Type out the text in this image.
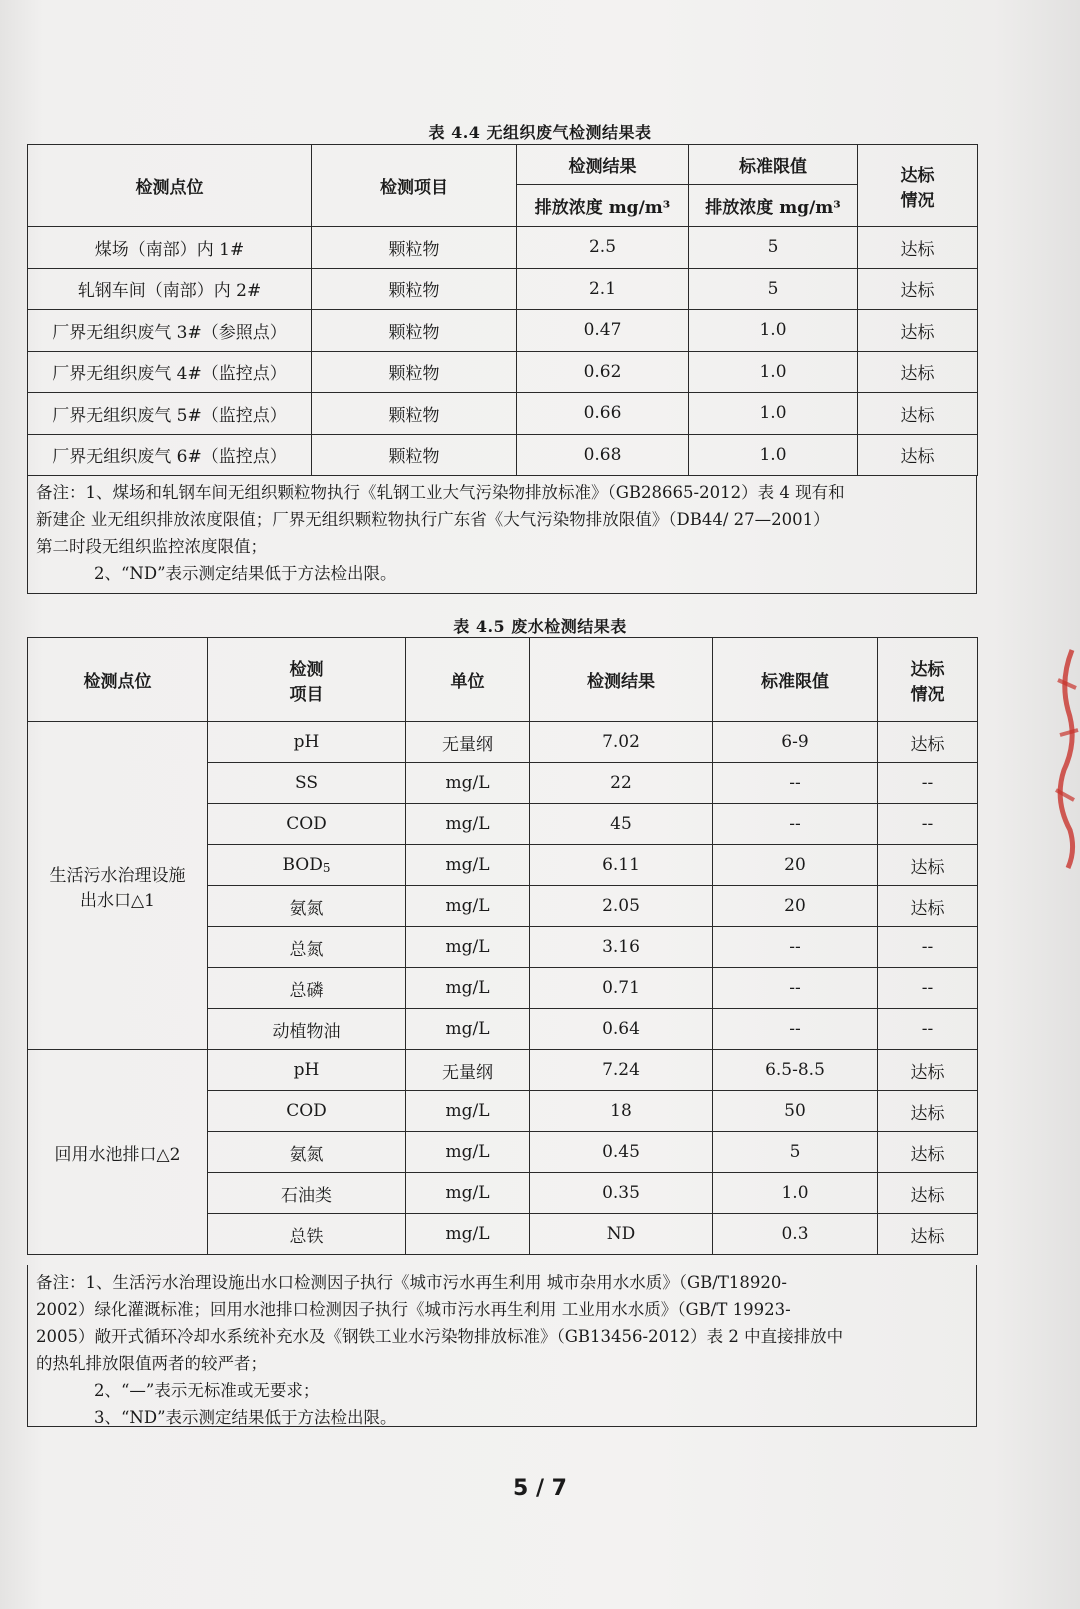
表 4.4 无组织废气检测结果表
检测点位	检测项目	检测结果	标准限值	达标
情况
		排放浓度 mg/m³	排放浓度 mg/m³	
煤场（南部）内 1#	颗粒物	2.5	5	达标
轧钢车间（南部）内 2#	颗粒物	2.1	5	达标
厂界无组织废气 3#（参照点）	颗粒物	0.47	1.0	达标
厂界无组织废气 4#（监控点）	颗粒物	0.62	1.0	达标
厂界无组织废气 5#（监控点）	颗粒物	0.66	1.0	达标
厂界无组织废气 6#（监控点）	颗粒物	0.68	1.0	达标

备注：1、煤场和轧钢车间无组织颗粒物执行《轧钢工业大气污染物排放标准》（GB28665-2012）表 4 现有和

新建企 业无组织排放浓度限值；厂界无组织颗粒物执行广东省《大气污染物排放限值》（DB44/ 27—2001）

第二时段无组织监控浓度限值；

2、“ND”表示测定结果低于方法检出限。

表 4.5 废水检测结果表
检测点位	检测
项目	单位	检测结果	标准限值	达标
情况
生活污水治理设施
出水口△1	pH	无量纲	7.02	6-9	达标
	SS	mg/L	22	--	--
	COD	mg/L	45	--	--
	$BOD_5$	mg/L	6.11	20	达标
	氨氮	mg/L	2.05	20	达标
	总氮	mg/L	3.16	--	--
	总磷	mg/L	0.71	--	--
	动植物油	mg/L	0.64	--	--
回用水池排口△2	pH	无量纲	7.24	6.5-8.5	达标
	COD	mg/L	18	50	达标
	氨氮	mg/L	0.45	5	达标
	石油类	mg/L	0.35	1.0	达标
	总铁	mg/L	ND	0.3	达标

备注：1、生活污水治理设施出水口检测因子执行《城市污水再生利用 城市杂用水水质》（GB/T18920-

2002）绿化灌溉标准；回用水池排口检测因子执行《城市污水再生利用 工业用水水质》（GB/T 19923-

2005）敞开式循环冷却水系统补充水及《钢铁工业水污染物排放标准》（GB13456-2012）表 2 中直接排放中

的热轧排放限值两者的较严者；

2、“—”表示无标准或无要求；

3、“ND”表示测定结果低于方法检出限。

5 / 7
